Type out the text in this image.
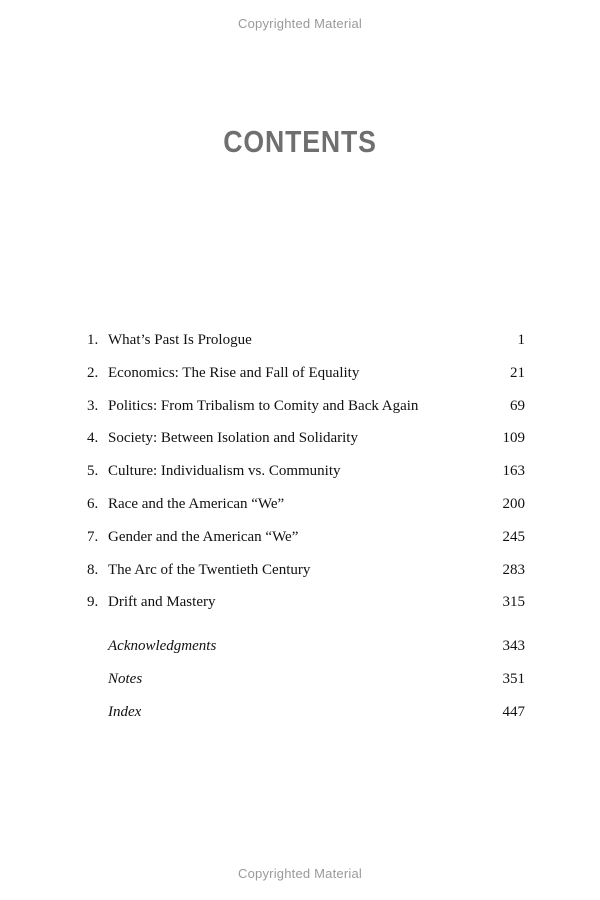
Copyrighted Material
CONTENTS
1. What’s Past Is Prologue	1
2. Economics: The Rise and Fall of Equality	21
3. Politics: From Tribalism to Comity and Back Again	69
4. Society: Between Isolation and Solidarity	109
5. Culture: Individualism vs. Community	163
6. Race and the American “We”	200
7. Gender and the American “We”	245
8. The Arc of the Twentieth Century	283
9. Drift and Mastery	315
Acknowledgments	343
Notes	351
Index	447
Copyrighted Material
